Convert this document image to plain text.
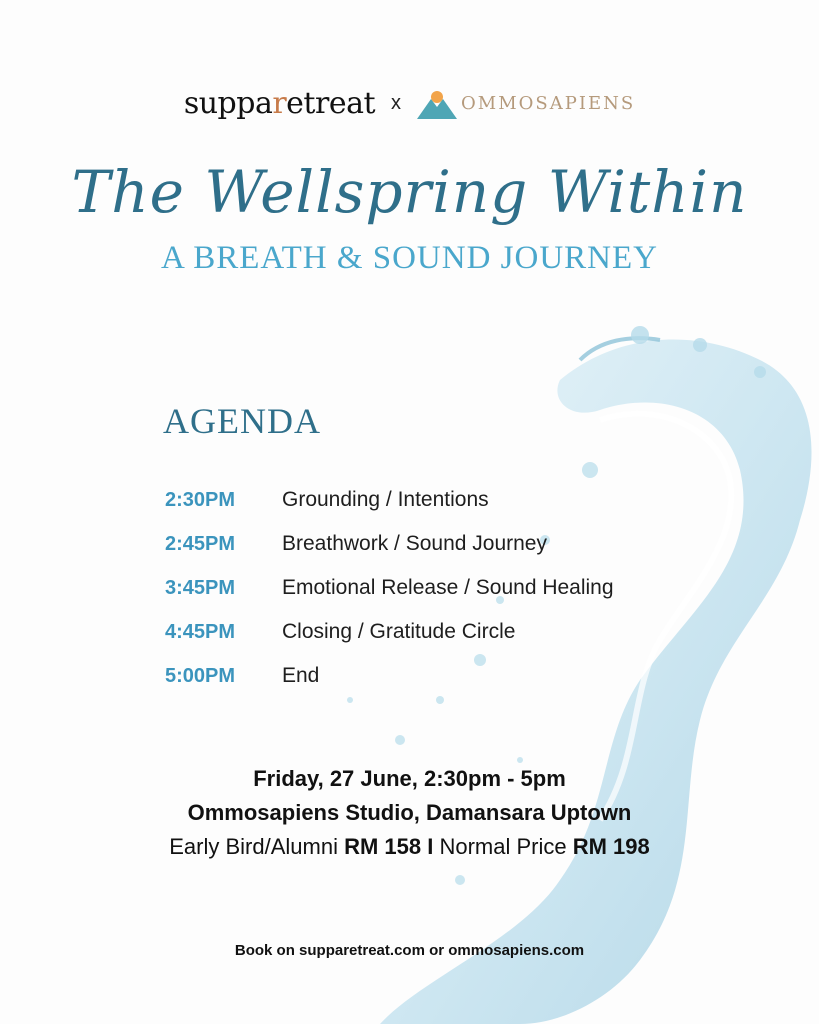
supparetreat x	OMMOSAPIENS
The Wellspring Within
A BREATH & SOUND JOURNEY
AGENDA
2:30PM	Grounding / Intentions
2:45PM	Breathwork / Sound Journey
3:45PM	Emotional Release / Sound Healing
4:45PM	Closing / Gratitude Circle
5:00PM	End
Friday, 27 June, 2:30pm - 5pm
Ommosapiens Studio, Damansara Uptown
Early Bird/Alumni RM 158 I Normal Price RM 198
Book on supparetreat.com or ommosapiens.com
